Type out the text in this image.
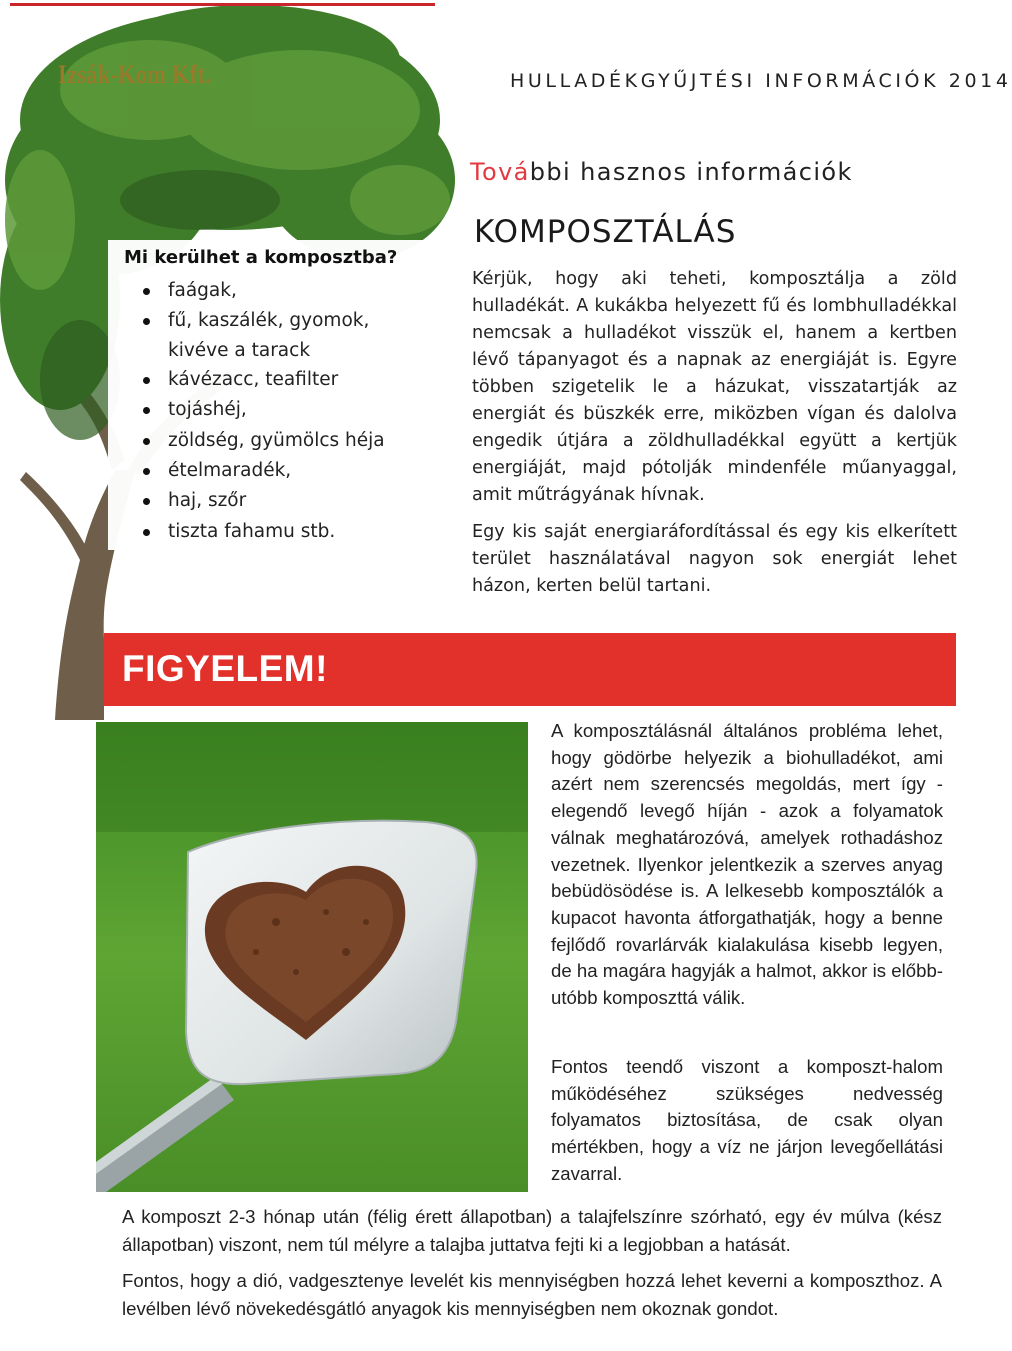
Izsák-Kom Kft.	HULLADÉKGYŰJTÉSI INFORMÁCIÓK 2014
További hasznos információk
KOMPOSZTÁLÁS
Mi kerülhet a komposztba?
faágak,
fű, kaszálék, gyomok,
kivéve a tarack
kávézacc, teafilter
tojáshéj,
zöldség, gyümölcs héja
ételmaradék,
haj, szőr
tiszta fahamu stb.

Kérjük, hogy aki teheti, komposztálja a zöld hulladékát. A kukákba helyezett fű és lombhulladékkal nemcsak a hulladékot visszük el, hanem a kertben lévő tápanyagot és a napnak az energiáját is. Egyre többen szigetelik le a házukat, visszatartják az energiát és büszkék erre, miközben vígan és dalolva engedik útjára a zöldhulladékkal együtt a kertjük energiáját, majd pótolják mindenféle műanyaggal, amit műtrágyának hívnak.

Egy kis saját energiaráfordítással és egy kis elkerített terület használatával nagyon sok energiát lehet házon, kerten belül tartani.

FIGYELEM!

A komposztálásnál általános probléma lehet, hogy gödörbe helyezik a biohulladékot, ami azért nem szerencsés megoldás, mert így - elegendő levegő híján - azok a folyamatok válnak meghatározóvá, amelyek rothadáshoz vezetnek. Ilyenkor jelentkezik a szerves anyag bebüdösödése is. A lelkesebb komposztálók a kupacot havonta átforgathatják, hogy a benne fejlődő rovarlárvák kialakulása kisebb legyen, de ha magára hagyják a halmot, akkor is előbb-utóbb komposzttá válik.

Fontos teendő viszont a komposzt-halom működéséhez szükséges nedvesség folyamatos biztosítása, de csak olyan mértékben, hogy a víz ne járjon levegőellátási zavarral.

A komposzt 2-3 hónap után (félig érett állapotban) a talajfelszínre szórható, egy év múlva (kész állapotban) viszont, nem túl mélyre a talajba juttatva fejti ki a legjobban a hatását.

Fontos, hogy a dió, vadgesztenye levelét kis mennyiségben hozzá lehet keverni a komposzthoz. A levélben lévő növekedésgátló anyagok kis mennyiségben nem okoznak gondot.
